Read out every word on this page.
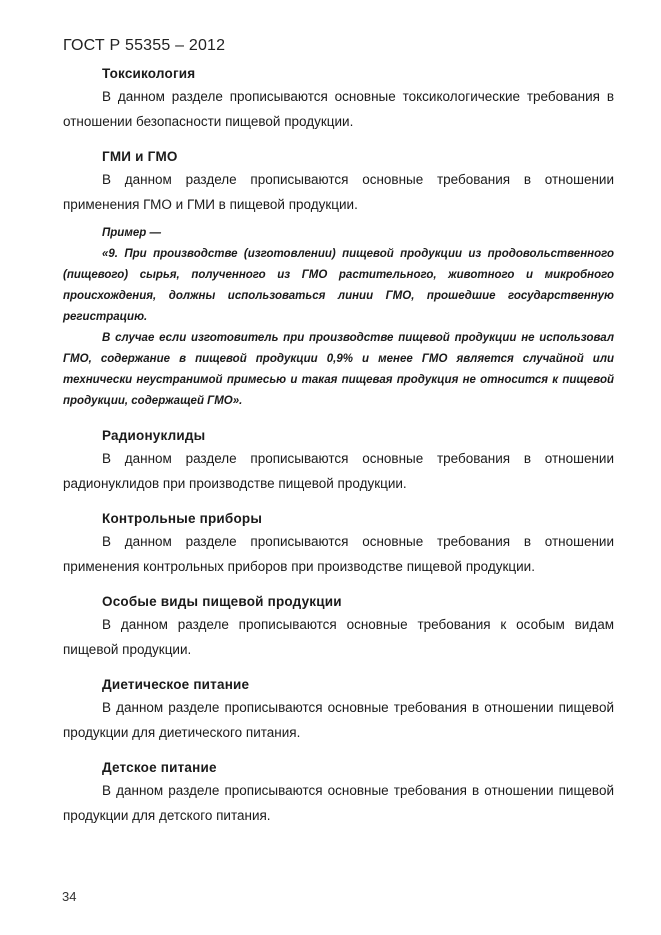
ГОСТ Р 55355 – 2012

Токсикология

В данном разделе прописываются основные токсикологические требования в отношении безопасности пищевой продукции.

ГМИ и ГМО

В данном разделе прописываются основные требования в отношении применения ГМО и ГМИ в пищевой продукции.

Пример —

«9. При производстве (изготовлении) пищевой продукции из продовольственного (пищевого) сырья, полученного из ГМО растительного, животного и микробного происхождения, должны использоваться линии ГМО, прошедшие государственную регистрацию.

В случае если изготовитель при производстве пищевой продукции не использовал ГМО, содержание в пищевой продукции 0,9% и менее ГМО является случайной или технически неустранимой примесью и такая пищевая продукция не относится к пищевой продукции, содержащей ГМО».

Радионуклиды

В данном разделе прописываются основные требования в отношении радионуклидов при производстве пищевой продукции.

Контрольные приборы

В данном разделе прописываются основные требования в отношении применения контрольных приборов при производстве пищевой продукции.

Особые виды пищевой продукции

В данном разделе прописываются основные требования к особым видам пищевой продукции.

Диетическое питание

В данном разделе прописываются основные требования в отношении пищевой продукции для диетического питания.

Детское питание

В данном разделе прописываются основные требования в отношении пищевой продукции для детского питания.

34
